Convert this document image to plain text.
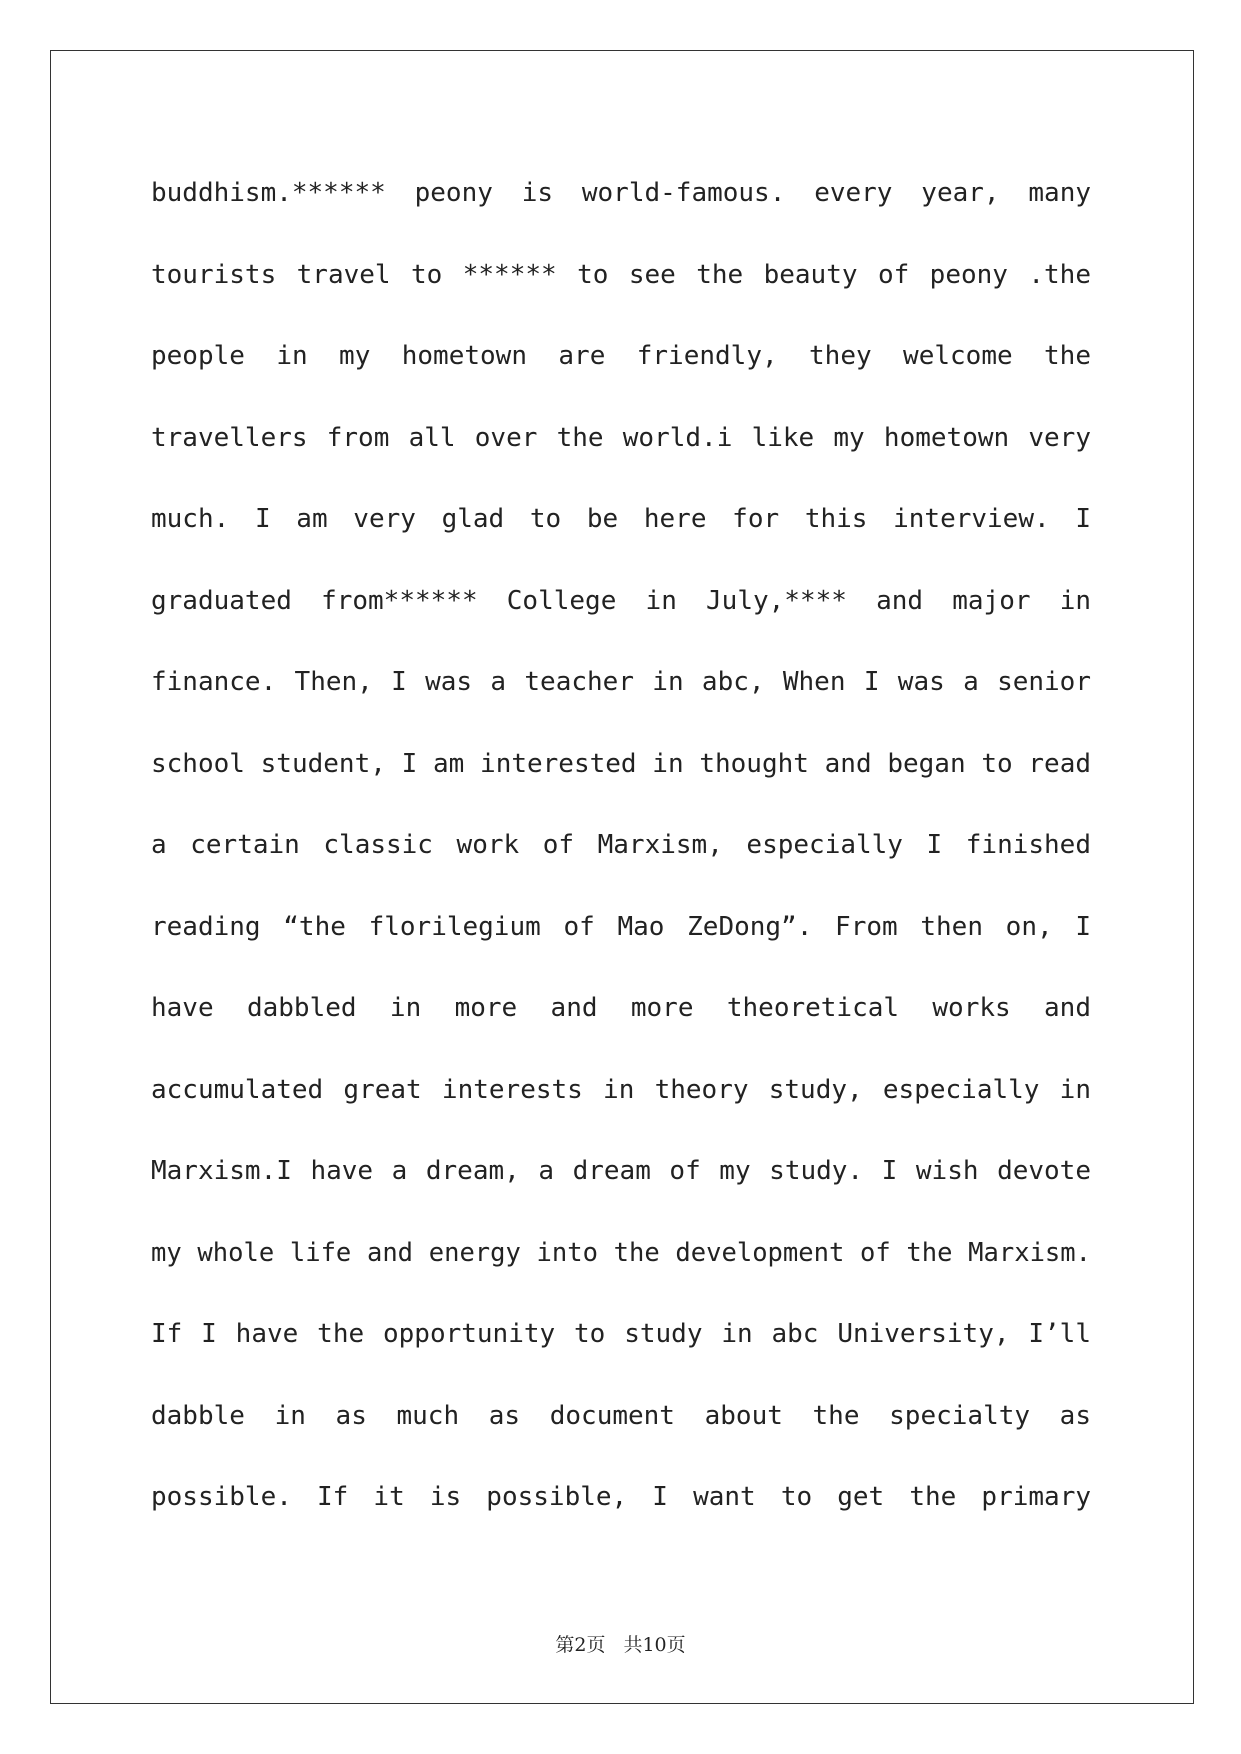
buddhism.****** peony is world-famous. every year, many
tourists travel to ****** to see the beauty of peony .the
people in my hometown are friendly, they welcome the
travellers from all over the world.i like my hometown very
much. I am very glad to be here for this interview. I
graduated from****** College in July,**** and major in
finance. Then, I was a teacher in abc, When I was a senior
school student, I am interested in thought and began to read
a certain classic work of Marxism, especially I finished
reading “the florilegium of Mao ZeDong”. From then on, I
have dabbled in more and more theoretical works and
accumulated great interests in theory study, especially in
Marxism.I have a dream, a dream of my study. I wish devote
my whole life and energy into the development of the Marxism.
If I have the opportunity to study in abc University, I’ll
dabble in as much as document about the specialty as
possible. If it is possible, I want to get the primary
第2页 共10页
